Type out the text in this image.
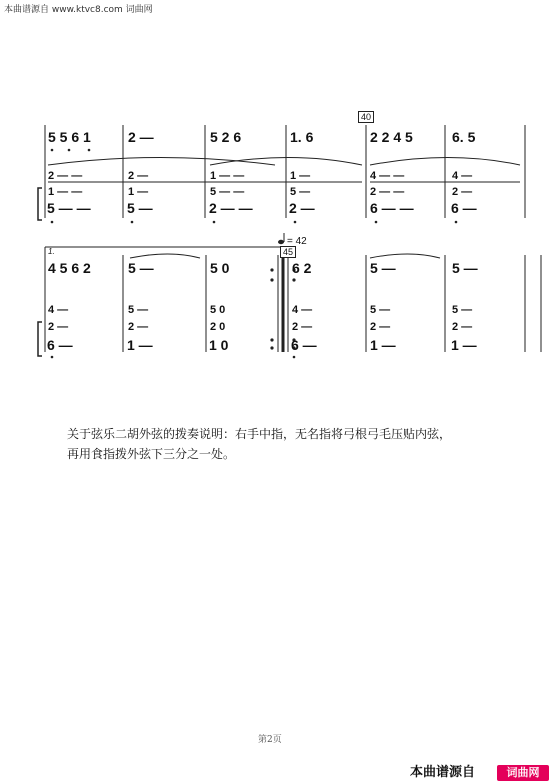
本曲谱源自 www.ktvc8.com 词曲网
40
45
= 42
1.
5 5 6 1	2 —	5 2 6	1. 6	2 2 4 5	6. 5
2 — —	2 —	1 — —	1 —	4 — —	4 —
1 — —	1 —	5 — —	5 —	2 — —	2 —
5 — —	5 —	2 — —	2 —	6 — —	6 —
4 5 6 2	5 —	5 0	6 2	5 —	5 —
4 —	5 —	5 0	4 —	5 —	5 —
2 —	2 —	2 0	2 —	2 —	2 —
6 —	1 —	1 0	6 —	1 —	1 —
关于弦乐二胡外弦的拨奏说明：右手中指，无名指将弓根弓毛压贴内弦，
再用食指拨外弦下三分之一处。
第2页
本曲谱源自	词曲网
